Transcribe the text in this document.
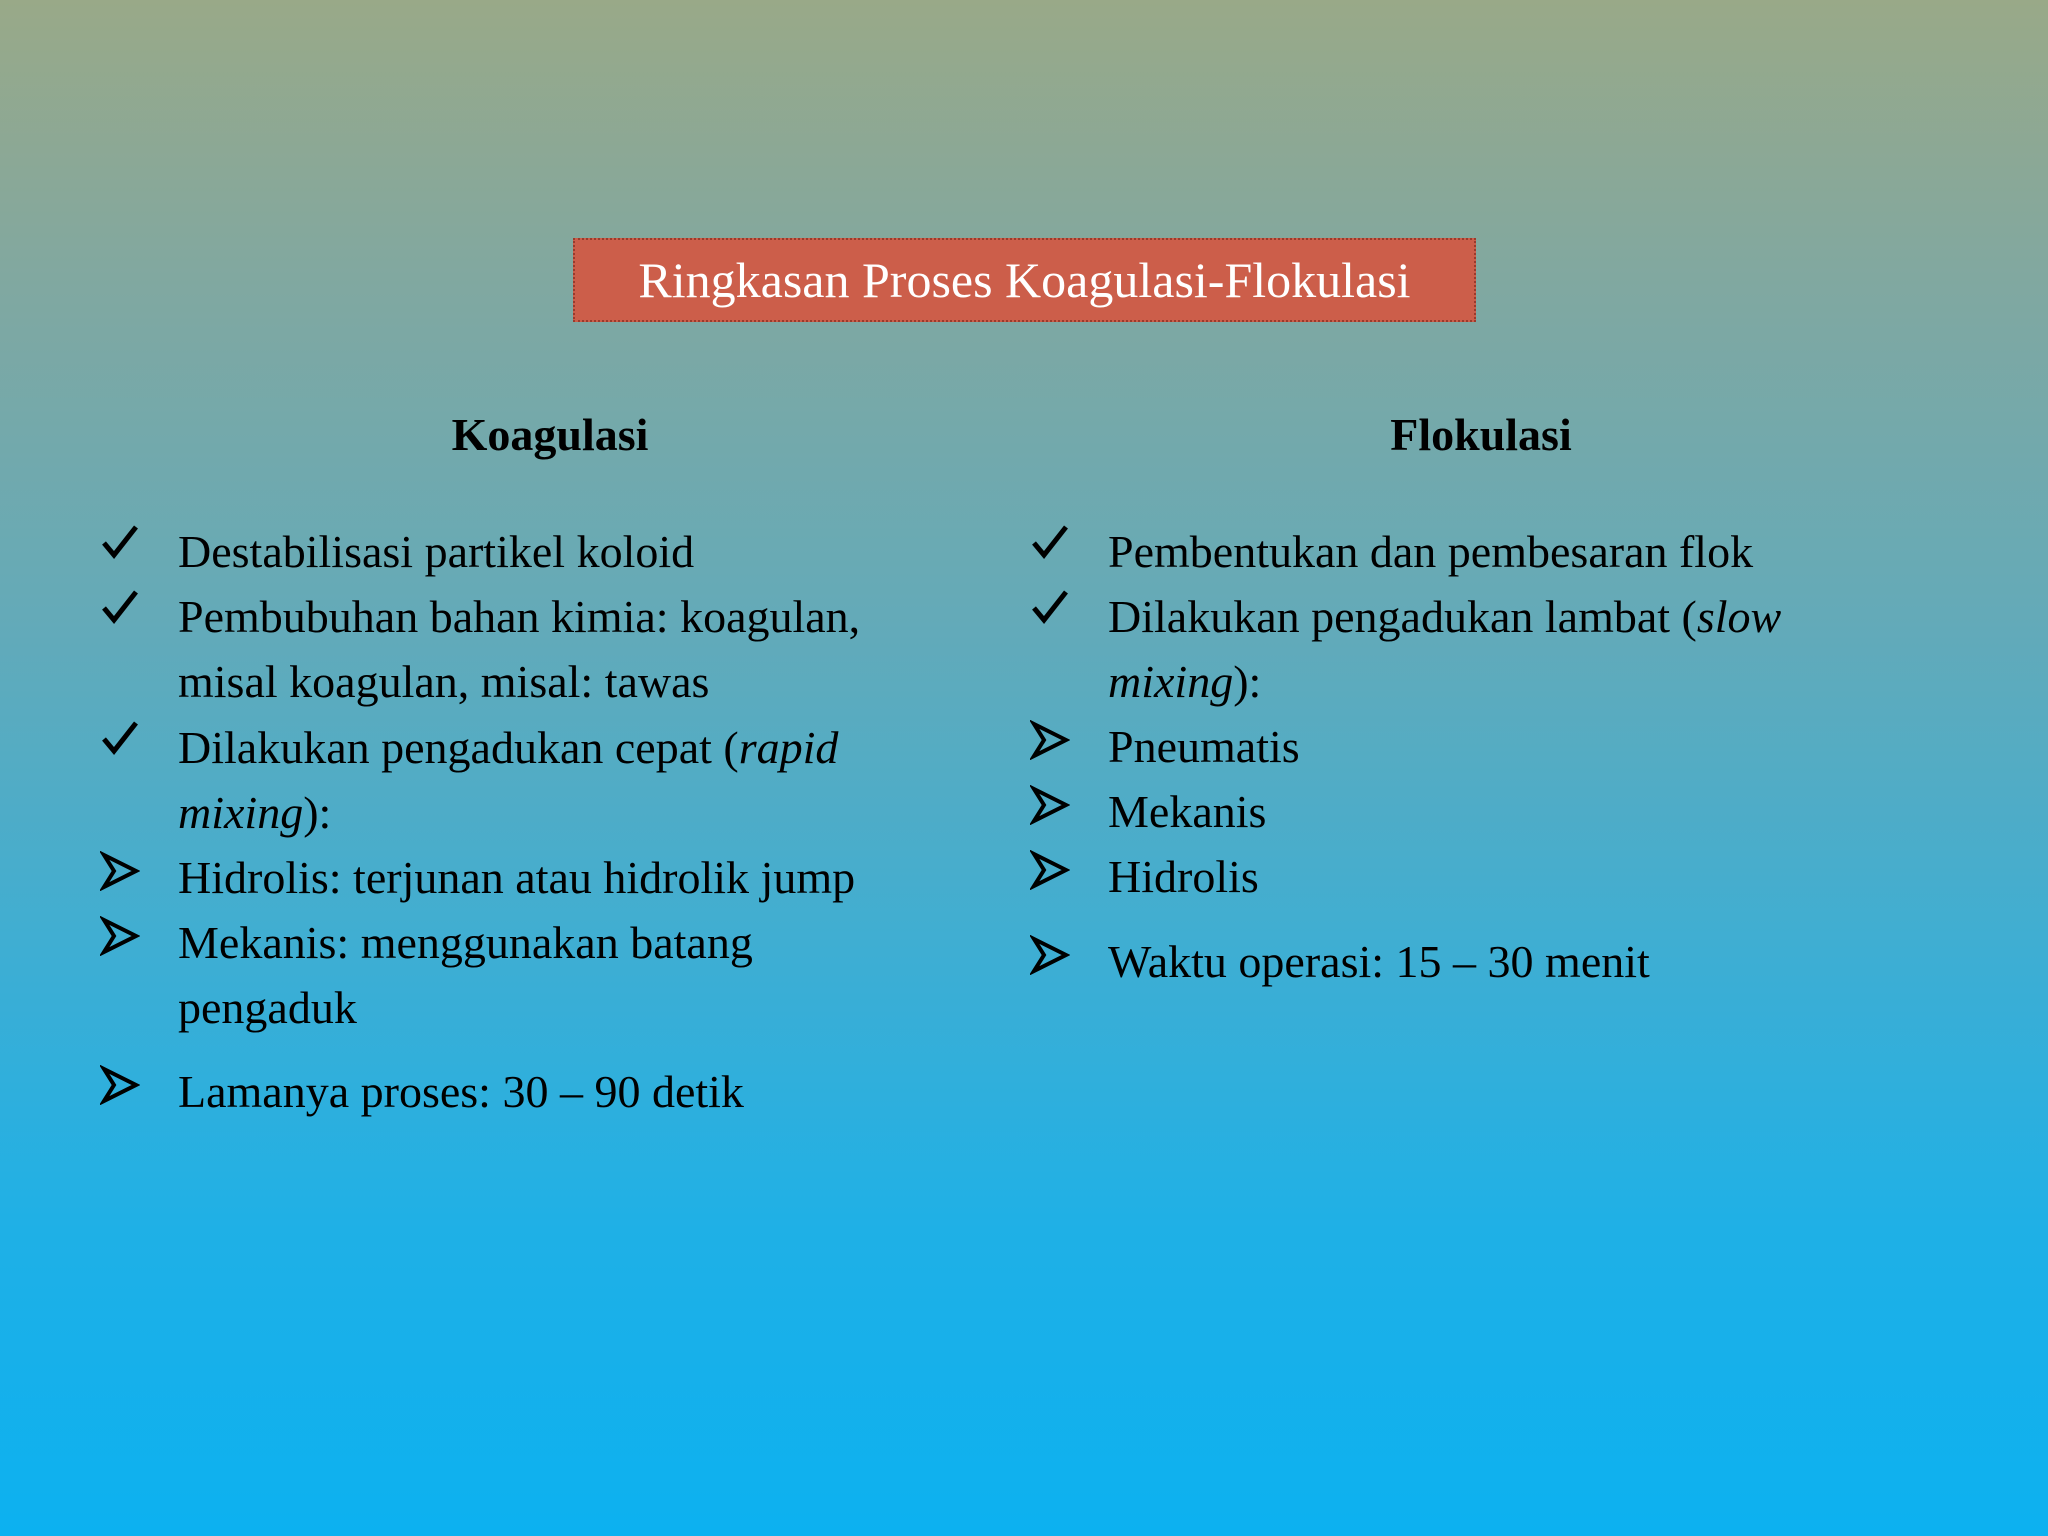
Ringkasan Proses Koagulasi-Flokulasi
Koagulasi	Flokulasi
Destabilisasi partikel koloid
Pembubuhan bahan kimia: koagulan,
misal koagulan, misal: tawas
Dilakukan pengadukan cepat (rapid
mixing):
Hidrolis: terjunan atau hidrolik jump
Mekanis: menggunakan batang
pengaduk
Lamanya proses: 30 – 90 detik
Pembentukan dan pembesaran flok
Dilakukan pengadukan lambat (slow
mixing):
Pneumatis
Mekanis
Hidrolis
Waktu operasi: 15 – 30 menit
